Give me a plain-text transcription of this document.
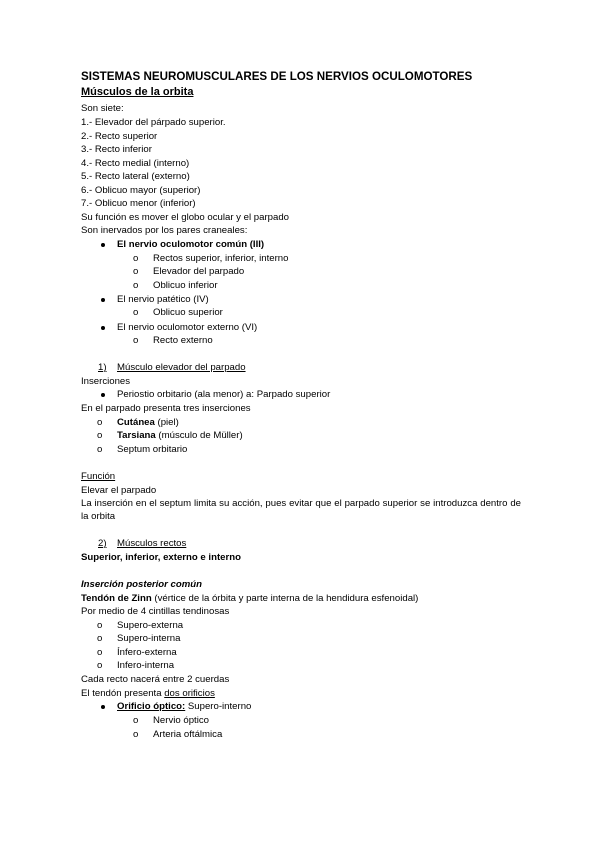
SISTEMAS NEUROMUSCULARES DE LOS NERVIOS OCULOMOTORES
Músculos de la orbita
Son siete:
1.- Elevador del párpado superior.
2.- Recto superior
3.- Recto inferior
4.- Recto medial (interno)
5.- Recto lateral (externo)
6.- Oblicuo mayor (superior)
7.- Oblicuo menor (inferior)
Su función es mover el globo ocular y el parpado
Son inervados por los pares craneales:
El nervio oculomotor común (III)
o Rectos superior, inferior, interno
o Elevador del parpado
o Oblicuo inferior
El nervio patético (IV)
o Oblicuo superior
El nervio oculomotor externo (VI)
o Recto externo
1) Músculo elevador del parpado
Inserciones
Periostio orbitario (ala menor) a: Parpado superior
En el parpado presenta tres inserciones
o Cutánea (piel)
o Tarsiana (músculo de Müller)
o Septum orbitario
Función
Elevar el parpado
La inserción en el septum limita su acción, pues evitar que el parpado superior se introduzca dentro de la orbita
2) Músculos rectos
Superior, inferior, externo e interno
Inserción posterior común
Tendón de Zinn (vértice de la órbita y parte interna de la hendidura esfenoidal)
Por medio de 4 cintillas tendinosas
o Supero-externa
o Supero-interna
o Ínfero-externa
o Infero-interna
Cada recto nacerá entre 2 cuerdas
El tendón presenta dos orificios
Orificio óptico: Supero-interno
o Nervio óptico
o Arteria oftálmica
